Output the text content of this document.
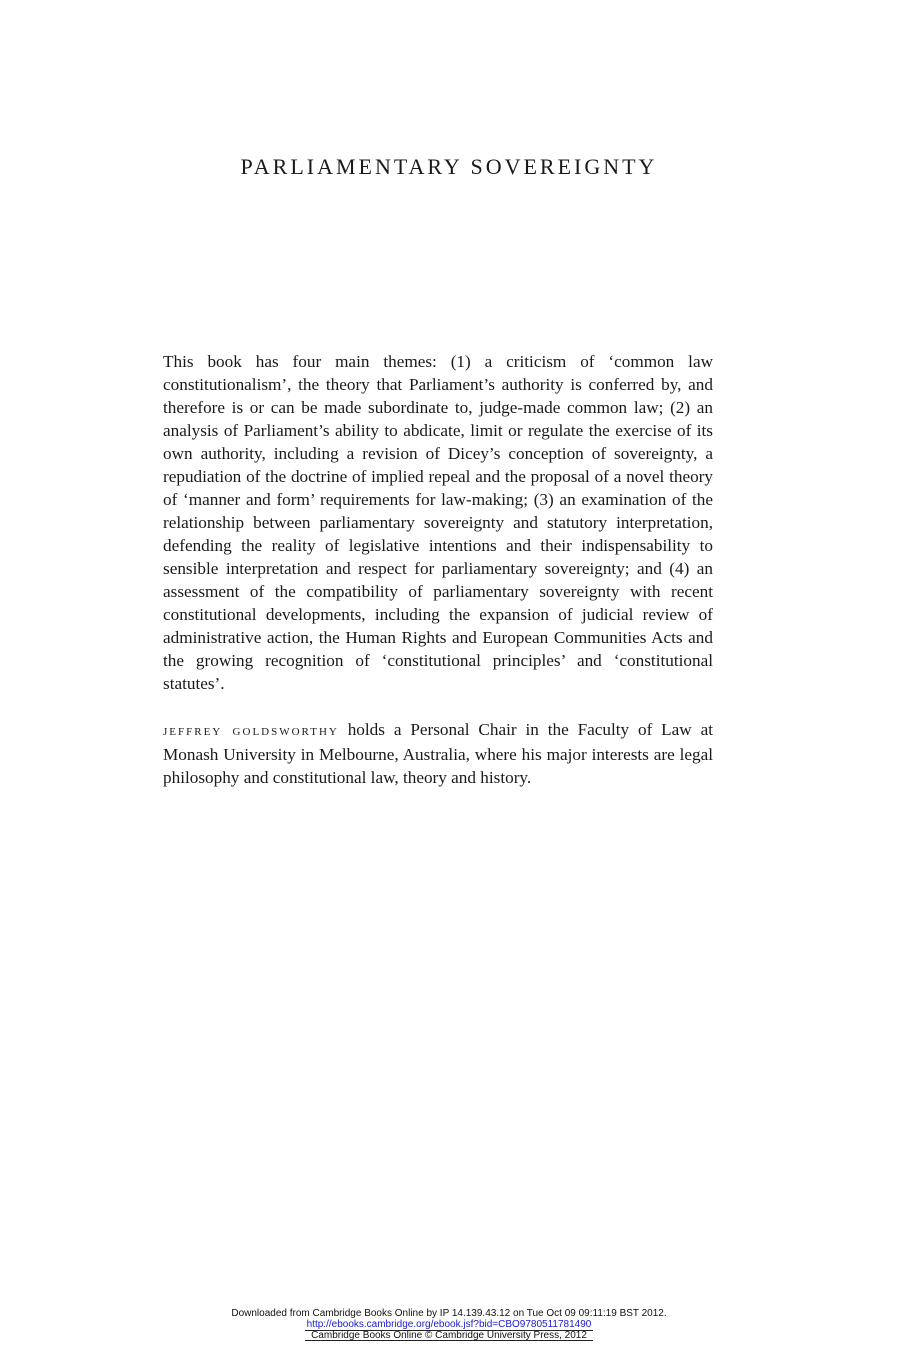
PARLIAMENTARY SOVEREIGNTY

This book has four main themes: (1) a criticism of ‘common law constitutionalism’, the theory that Parliament’s authority is conferred by, and therefore is or can be made subordinate to, judge-made common law; (2) an analysis of Parliament’s ability to abdicate, limit or regulate the exercise of its own authority, including a revision of Dicey’s conception of sovereignty, a repudiation of the doctrine of implied repeal and the proposal of a novel theory of ‘manner and form’ requirements for law-making; (3) an examination of the relationship between parliamentary sovereignty and statutory interpretation, defending the reality of legislative intentions and their indispensability to sensible interpretation and respect for parliamentary sovereignty; and (4) an assessment of the compatibility of parliamentary sovereignty with recent constitutional developments, including the expansion of judicial review of administrative action, the Human Rights and European Communities Acts and the growing recognition of ‘constitutional principles’ and ‘constitutional statutes’.

jeffrey goldsworthy holds a Personal Chair in the Faculty of Law at Monash University in Melbourne, Australia, where his major interests are legal philosophy and constitutional law, theory and history.

Downloaded from Cambridge Books Online by IP 14.139.43.12 on Tue Oct 09 09:11:19 BST 2012.
http://ebooks.cambridge.org/ebook.jsf?bid=CBO9780511781490
Cambridge Books Online © Cambridge University Press, 2012
